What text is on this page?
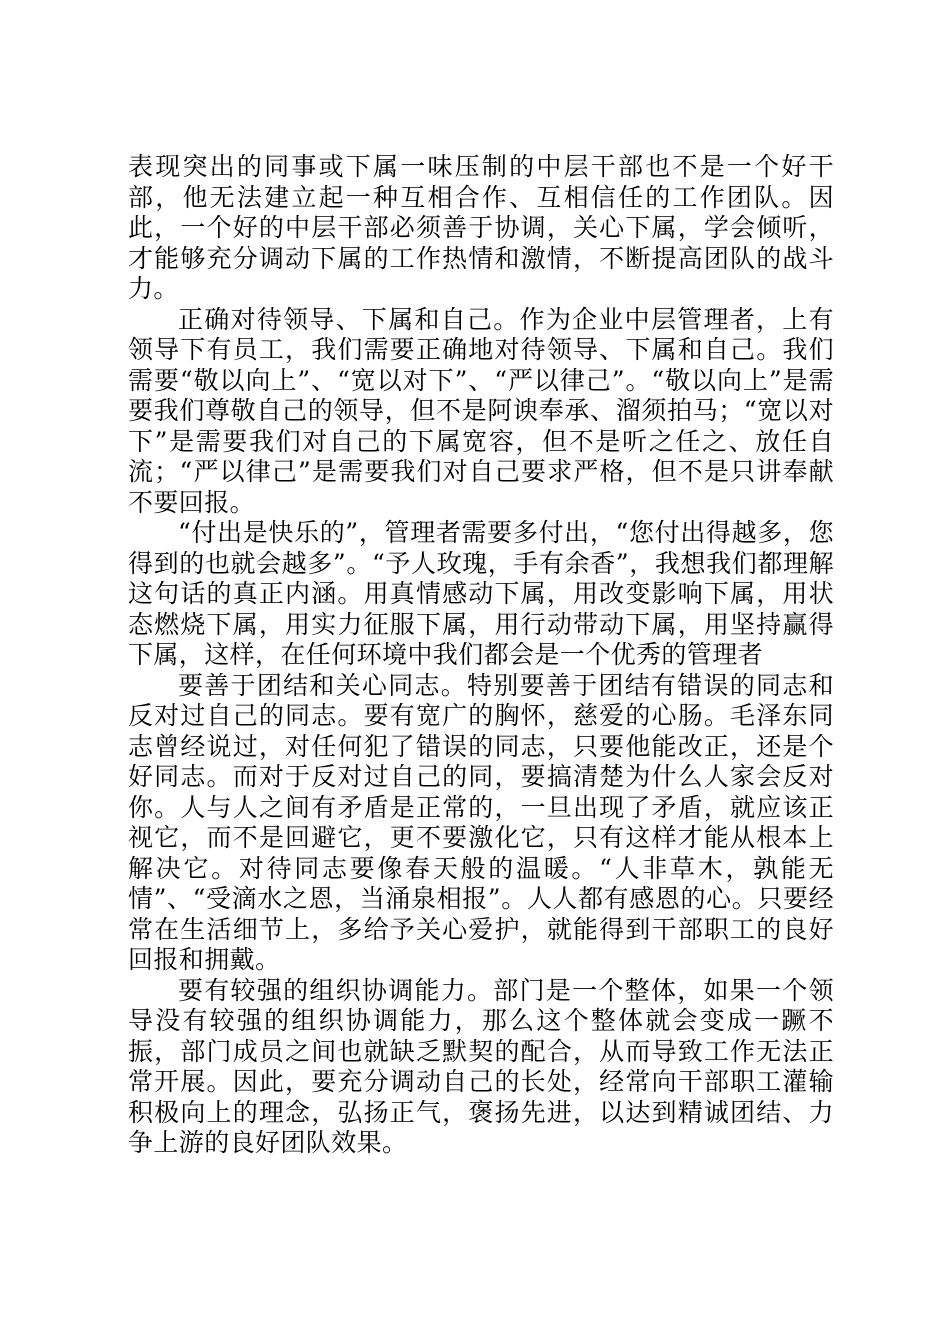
表现突出的同事或下属一味压制的中层干部也不是一个好干部，他无法建立起一种互相合作、互相信任的工作团队。因此，一个好的中层干部必须善于协调，关心下属，学会倾听，才能够充分调动下属的工作热情和激情，不断提高团队的战斗力。

正确对待领导、下属和自己。作为企业中层管理者，上有领导下有员工，我们需要正确地对待领导、下属和自己。我们需要“敬以向上”、“宽以对下”、“严以律己”。“敬以向上”是需要我们尊敬自己的领导，但不是阿谀奉承、溜须拍马；“宽以对下”是需要我们对自己的下属宽容，但不是听之任之、放任自流；“严以律己”是需要我们对自己要求严格，但不是只讲奉献不要回报。

“付出是快乐的”，管理者需要多付出，“您付出得越多，您得到的也就会越多”。“予人玫瑰，手有余香”，我想我们都理解这句话的真正内涵。用真情感动下属，用改变影响下属，用状态燃烧下属，用实力征服下属，用行动带动下属，用坚持赢得下属，这样，在任何环境中我们都会是一个优秀的管理者

要善于团结和关心同志。特别要善于团结有错误的同志和反对过自己的同志。要有宽广的胸怀，慈爱的心肠。毛泽东同志曾经说过，对任何犯了错误的同志，只要他能改正，还是个好同志。而对于反对过自己的同，要搞清楚为什么人家会反对你。人与人之间有矛盾是正常的，一旦出现了矛盾，就应该正视它，而不是回避它，更不要激化它，只有这样才能从根本上解决它。对待同志要像春天般的温暖。“人非草木，孰能无情”、“受滴水之恩，当涌泉相报”。人人都有感恩的心。只要经常在生活细节上，多给予关心爱护，就能得到干部职工的良好回报和拥戴。

要有较强的组织协调能力。部门是一个整体，如果一个领导没有较强的组织协调能力，那么这个整体就会变成一蹶不振，部门成员之间也就缺乏默契的配合，从而导致工作无法正常开展。因此，要充分调动自己的长处，经常向干部职工灌输积极向上的理念，弘扬正气，褒扬先进，以达到精诚团结、力争上游的良好团队效果。
